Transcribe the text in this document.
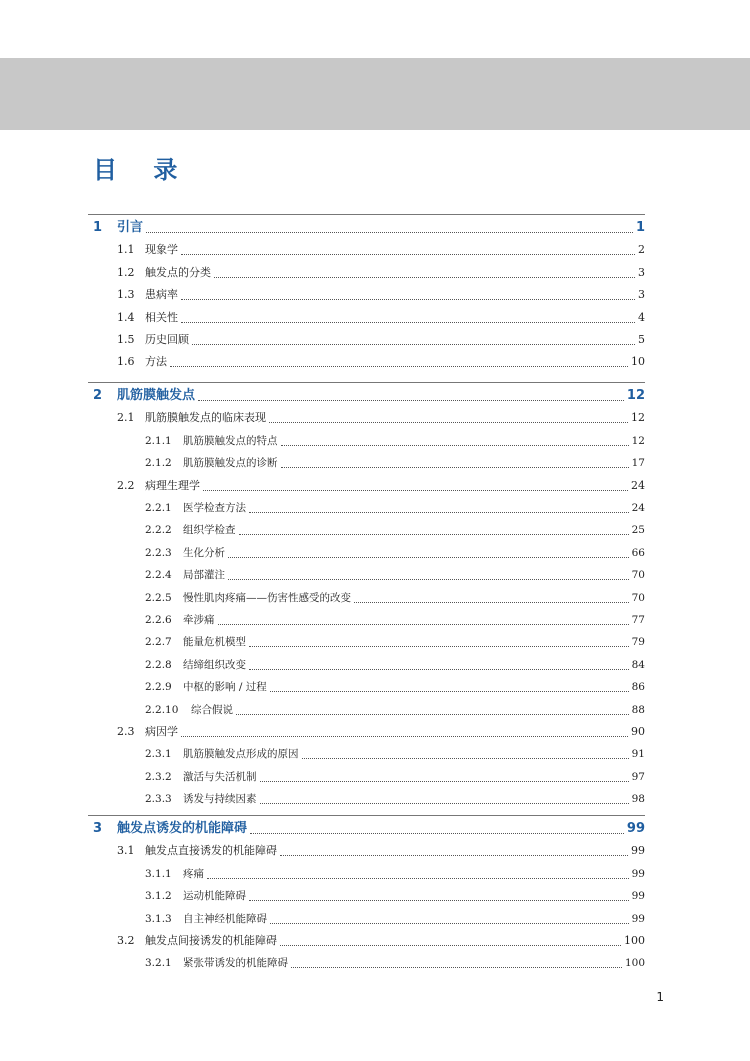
目 录
1	引言	1
1.1 现象学	2
1.2 触发点的分类	3
1.3 患病率	3
1.4 相关性	4
1.5 历史回顾	5
1.6 方法	10
2	肌筋膜触发点	12
2.1 肌筋膜触发点的临床表现	12
2.1.1	肌筋膜触发点的特点	12
2.1.2	肌筋膜触发点的诊断	17
2.2 病理生理学	24
2.2.1	医学检查方法	24
2.2.2	组织学检查	25
2.2.3	生化分析	66
2.2.4	局部灌注	70
2.2.5	慢性肌肉疼痛——伤害性感受的改变	70
2.2.6	牵涉痛	77
2.2.7	能量危机模型	79
2.2.8	结缔组织改变	84
2.2.9	中枢的影响 / 过程	86
2.2.10	综合假说	88
2.3 病因学	90
2.3.1	肌筋膜触发点形成的原因	91
2.3.2	激活与失活机制	97
2.3.3	诱发与持续因素	98
3	触发点诱发的机能障碍	99
3.1 触发点直接诱发的机能障碍	99
3.1.1	疼痛	99
3.1.2	运动机能障碍	99
3.1.3	自主神经机能障碍	99
3.2 触发点间接诱发的机能障碍	100
3.2.1	紧张带诱发的机能障碍	100
1
